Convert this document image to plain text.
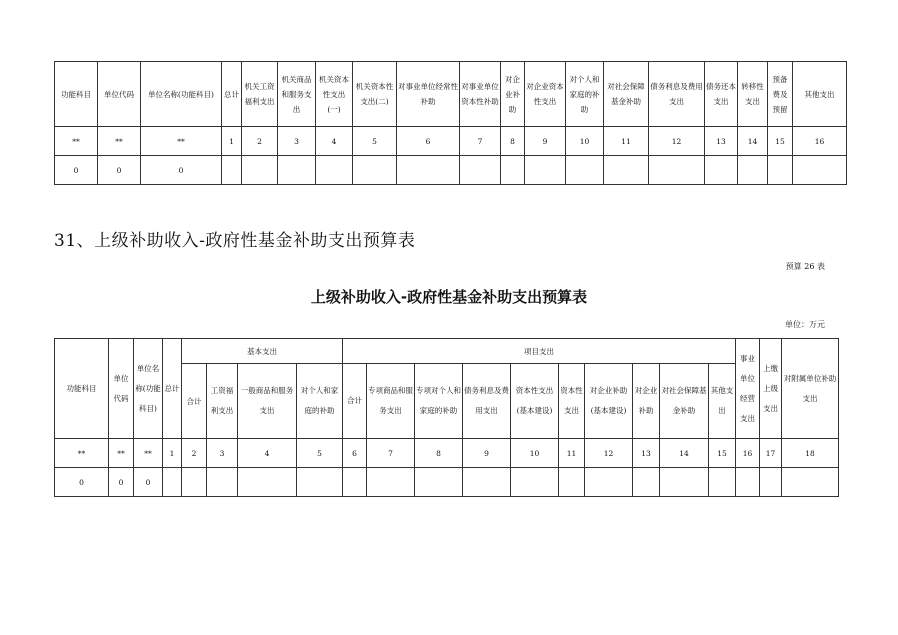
功能科目	单位代码	单位名称(功能科目)	总计	机关工资福利支出	机关商品和服务支出	机关资本性支出(一)	机关资本性支出(二)	对事业单位经常性补助	对事业单位资本性补助	对企业补助	对企业资本性支出	对个人和家庭的补助	对社会保障基金补助	债务利息及费用支出	债务还本支出	转移性支出	预备费及预留	其他支出
**	**	**	1	2	3	4	5	6	7	8	9	10	11	12	13	14	15	16
0	0	0																
31、上级补助收入-政府性基金补助支出预算表
预算 26 表
上级补助收入-政府性基金补助支出预算表
单位：万元
功能科目	单位代码	单位名称(功能科目)	总计	基本支出				项目支出										事业单位经营支出	上缴上级支出	对附属单位补助支出
				合计	工资福利支出	一般商品和服务支出	对个人和家庭的补助	合计	专项商品和服务支出	专项对个人和家庭的补助	债务利息及费用支出	资本性支出(基本建设)	资本性支出	对企业补助(基本建设)	对企业补助	对社会保障基金补助	其他支出			
**	**	**	1	2	3	4	5	6	7	8	9	10	11	12	13	14	15	16	17	18
0	0	0																		
